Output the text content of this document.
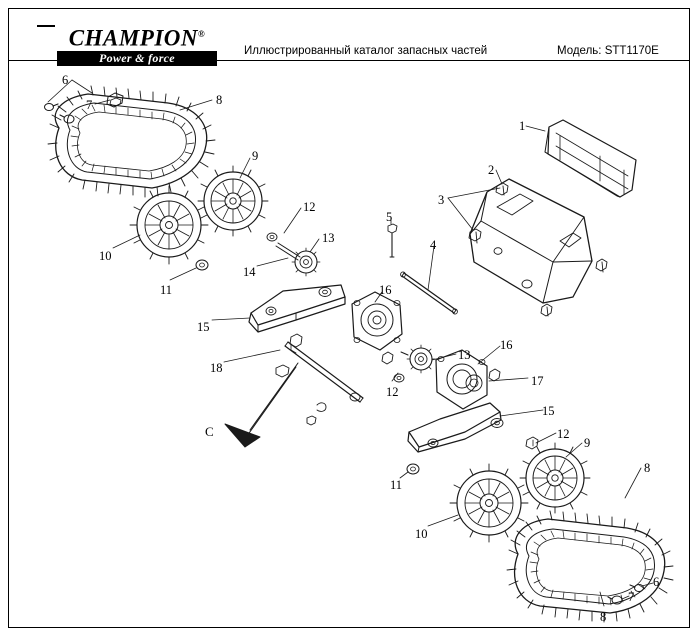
CHAMPION®
Power & force	Иллюстрированный каталог запасных частей	Модель: STT1170E
6
7	8
9
10
11
12
13
14
15
16
18
12
13
16
17
15
12
9
8
11
10
6
7
8
1
2
3
5
4
C
